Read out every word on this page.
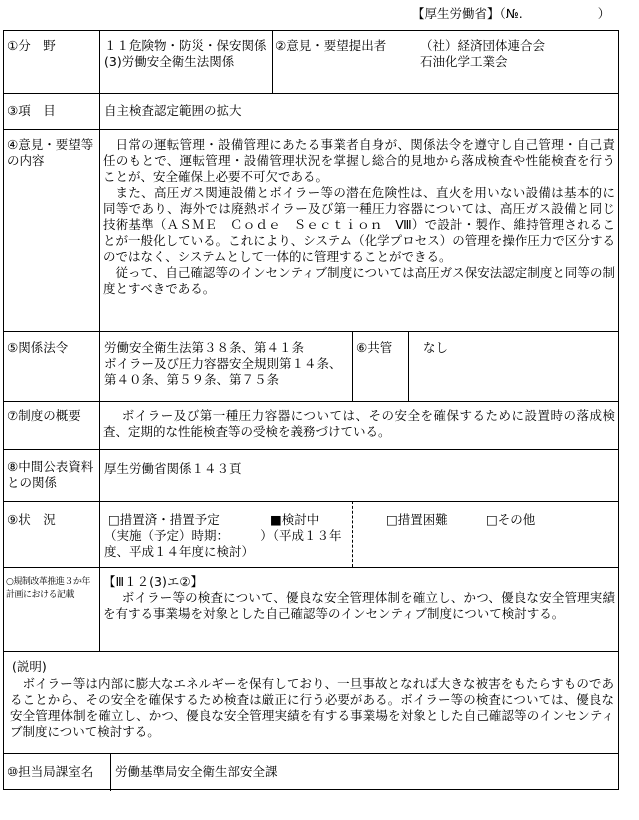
【厚生労働省】（№.　　　　　　）
①分　野	１１危険物・防災・保安関係
(3)労働安全衛生法関係
②意見・要望提出者	（社）経済団体連合会
石油化学工業会
③項　目	自主検査認定範囲の拡大
④意見・要望等の内容
日常の運転管理・設備管理にあたる事業者自身が、関係法令を遵守し自己管理・自己責任のもとで、運転管理・設備管理状況を掌握し総合的見地から落成検査や性能検査を行うことが、安全確保上必要不可欠である。
また、高圧ガス関連設備とボイラー等の潜在危険性は、直火を用いない設備は基本的に同等であり、海外では廃熱ボイラー及び第一種圧力容器については、高圧ガス設備と同じ技術基準（ＡＳＭＥ　Ｃｏｄｅ　Ｓｅｃｔｉｏｎ　Ⅷ）で設計・製作、維持管理されることが一般化している。これにより、システム（化学プロセス）の管理を操作圧力で区分するのではなく、システムとして一体的に管理することができる。
従って、自己確認等のインセンティブ制度については高圧ガス保安法認定制度と同等の制度とすべきである。
⑤関係法令	労働安全衛生法第３８条、第４１条
ボイラー及び圧力容器安全規則第１４条、第４０条、第５９条、第７５条
⑥共管 なし
⑦制度の概要	ボイラー及び第一種圧力容器については、その安全を確保するために設置時の落成検査、定期的な性能検査等の受検を義務づけている。
⑧中間公表資料との関係
厚生労働省関係１４３頁
⑨状　況	□措置済・措置予定	■検討中	□措置困難	□その他
（実施（予定）時期：　　　）（平成１３年度、平成１４年度に検討）
○規制改革推進３か年計画における記載
【Ⅲ１２(3)エ②】
ボイラー等の検査について、優良な安全管理体制を確立し、かつ、優良な安全管理実績を有する事業場を対象とした自己確認等のインセンティブ制度について検討する。
(説明)
ボイラー等は内部に膨大なエネルギーを保有しており、一旦事故となれば大きな被害をもたらすものであることから、その安全を確保するため検査は厳正に行う必要がある。ボイラー等の検査については、優良な安全管理体制を確立し、かつ、優良な安全管理実績を有する事業場を対象とした自己確認等のインセンティブ制度について検討する。
⑩担当局課室名 労働基準局安全衛生部安全課
